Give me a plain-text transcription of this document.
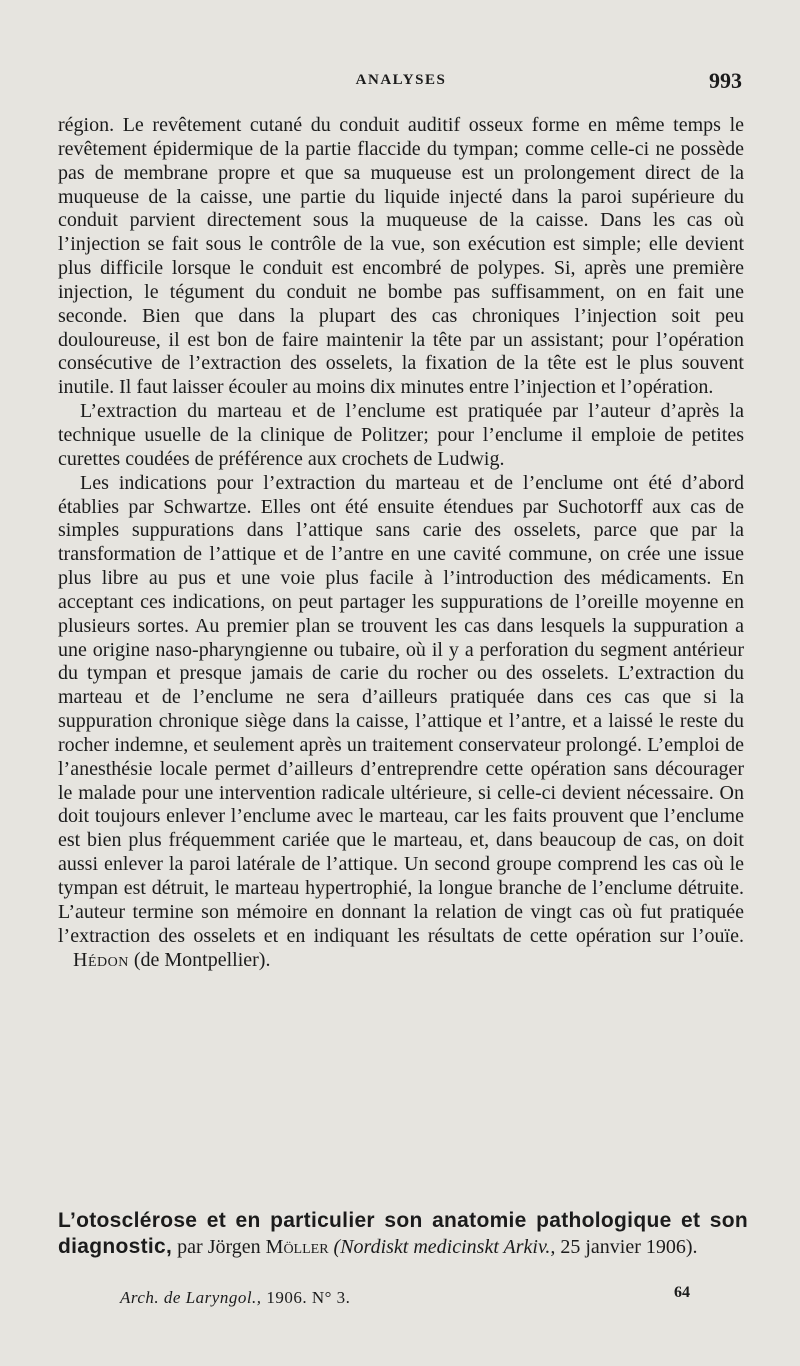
ANALYSES	993

région. Le revêtement cutané du conduit auditif osseux forme en même temps le revêtement épidermique de la partie flaccide du tympan; comme celle-ci ne possède pas de membrane propre et que sa muqueuse est un prolongement direct de la muqueuse de la caisse, une partie du liquide injecté dans la paroi supérieure du conduit parvient directement sous la muqueuse de la caisse. Dans les cas où l’injection se fait sous le contrôle de la vue, son exécution est simple; elle devient plus difficile lorsque le conduit est encombré de polypes. Si, après une première injection, le tégument du conduit ne bombe pas suffisamment, on en fait une seconde. Bien que dans la plupart des cas chroniques l’injection soit peu douloureuse, il est bon de faire maintenir la tête par un assistant; pour l’opération consécutive de l’extraction des osselets, la fixation de la tête est le plus souvent inutile. Il faut laisser écouler au moins dix minutes entre l’injection et l’opération.

L’extraction du marteau et de l’enclume est pratiquée par l’auteur d’après la technique usuelle de la clinique de Politzer; pour l’enclume il emploie de petites curettes coudées de préférence aux crochets de Ludwig.

Les indications pour l’extraction du marteau et de l’enclume ont été d’abord établies par Schwartze. Elles ont été ensuite étendues par Suchotorff aux cas de simples suppurations dans l’attique sans carie des osselets, parce que par la transformation de l’attique et de l’antre en une cavité commune, on crée une issue plus libre au pus et une voie plus facile à l’introduction des médicaments. En acceptant ces indications, on peut partager les suppurations de l’oreille moyenne en plusieurs sortes. Au premier plan se trouvent les cas dans lesquels la suppuration a une origine naso-pharyngienne ou tubaire, où il y a perforation du segment antérieur du tympan et presque jamais de carie du rocher ou des osselets. L’extraction du marteau et de l’enclume ne sera d’ailleurs pratiquée dans ces cas que si la suppuration chronique siège dans la caisse, l’attique et l’antre, et a laissé le reste du rocher indemne, et seulement après un traitement conservateur prolongé. L’emploi de l’anesthésie locale permet d’ailleurs d’entreprendre cette opération sans décourager le malade pour une intervention radicale ultérieure, si celle-ci devient nécessaire. On doit toujours enlever l’enclume avec le marteau, car les faits prouvent que l’enclume est bien plus fréquemment cariée que le marteau, et, dans beaucoup de cas, on doit aussi enlever la paroi latérale de l’attique. Un second groupe comprend les cas où le tympan est détruit, le marteau hypertrophié, la longue branche de l’enclume détruite. L’auteur termine son mémoire en donnant la relation de vingt cas où fut pratiquée l’extraction des osselets et en indiquant les résultats de cette opération sur l’ouïe.    Hédon (de Montpellier).

L’otosclérose et en particulier son anatomie pathologique et son diagnostic, par Jörgen Möller (Nordiskt medicinskt Arkiv., 25 janvier 1906).
Arch. de Laryngol., 1906. N° 3.	64
